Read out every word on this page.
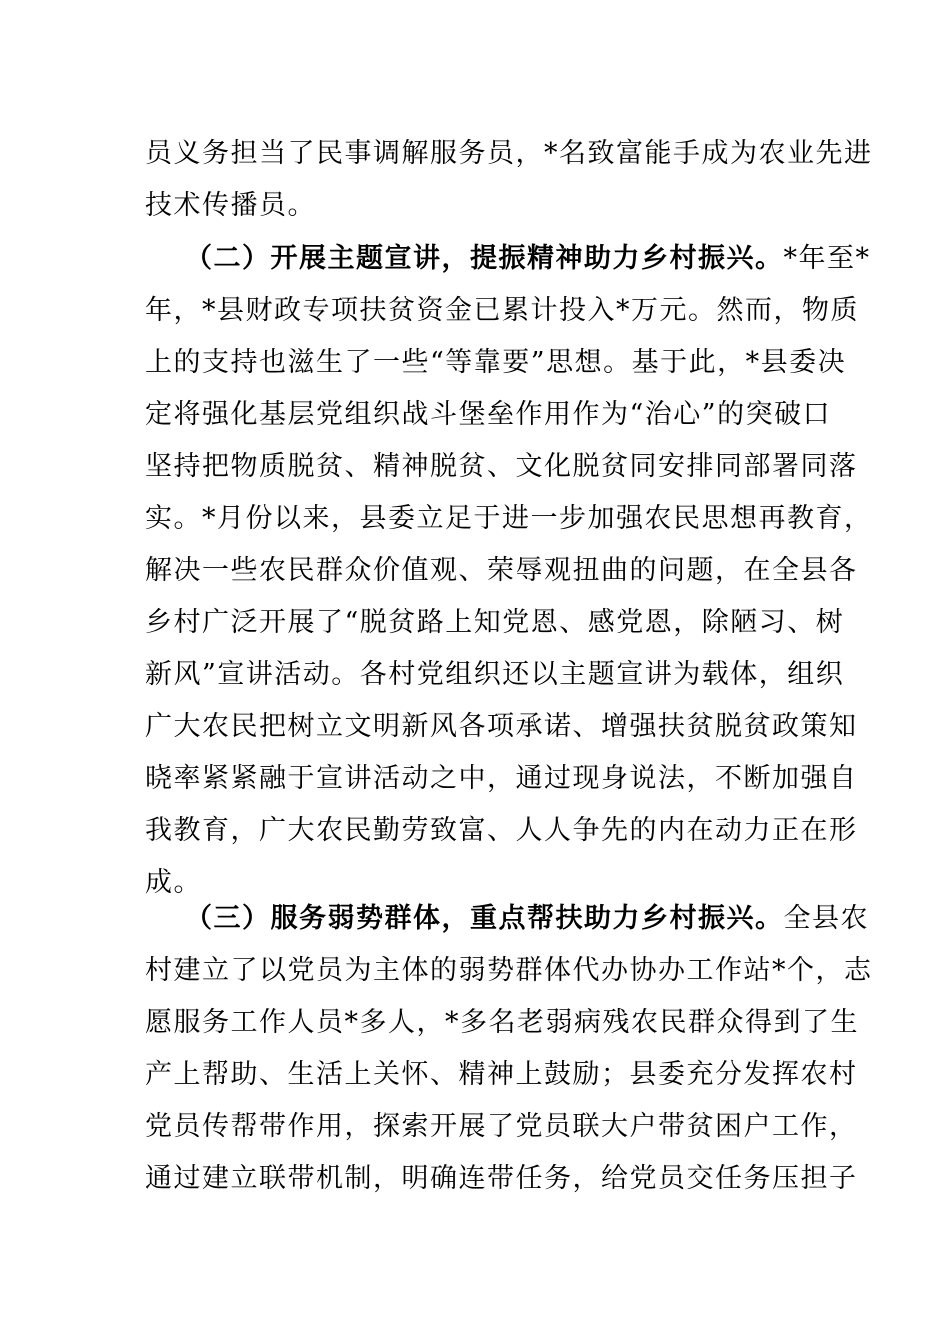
员义务担当了民事调解服务员，*名致富能手成为农业先进
技术传播员。
（二）开展主题宣讲，提振精神助力乡村振兴。*年至*
年，*县财政专项扶贫资金已累计投入*万元。然而，物质
上的支持也滋生了一些“等靠要”思想。基于此，*县委决
定将强化基层党组织战斗堡垒作用作为“治心”的突破口
坚持把物质脱贫、精神脱贫、文化脱贫同安排同部署同落
实。*月份以来，县委立足于进一步加强农民思想再教育，
解决一些农民群众价值观、荣辱观扭曲的问题，在全县各
乡村广泛开展了“脱贫路上知党恩、感党恩，除陋习、树
新风”宣讲活动。各村党组织还以主题宣讲为载体，组织
广大农民把树立文明新风各项承诺、增强扶贫脱贫政策知
晓率紧紧融于宣讲活动之中，通过现身说法，不断加强自
我教育，广大农民勤劳致富、人人争先的内在动力正在形
成。
（三）服务弱势群体，重点帮扶助力乡村振兴。全县农
村建立了以党员为主体的弱势群体代办协办工作站*个，志
愿服务工作人员*多人，*多名老弱病残农民群众得到了生
产上帮助、生活上关怀、精神上鼓励；县委充分发挥农村
党员传帮带作用，探索开展了党员联大户带贫困户工作，
通过建立联带机制，明确连带任务，给党员交任务压担子
